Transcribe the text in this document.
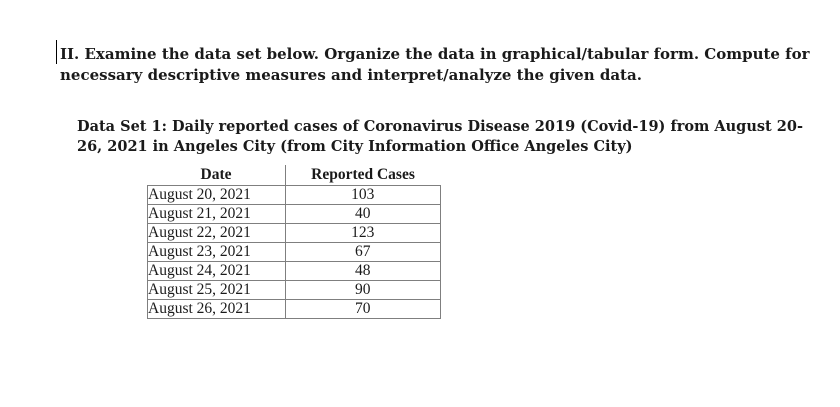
II. Examine the data set below. Organize the data in graphical/tabular form. Compute for necessary descriptive measures and interpret/analyze the given data.
Data Set 1: Daily reported cases of Coronavirus Disease 2019 (Covid-19) from August 20-26, 2021 in Angeles City (from City Information Office Angeles City)
Date	Reported Cases
August 20, 2021	103
August 21, 2021	40
August 22, 2021	123
August 23, 2021	67
August 24, 2021	48
August 25, 2021	90
August 26, 2021	70
